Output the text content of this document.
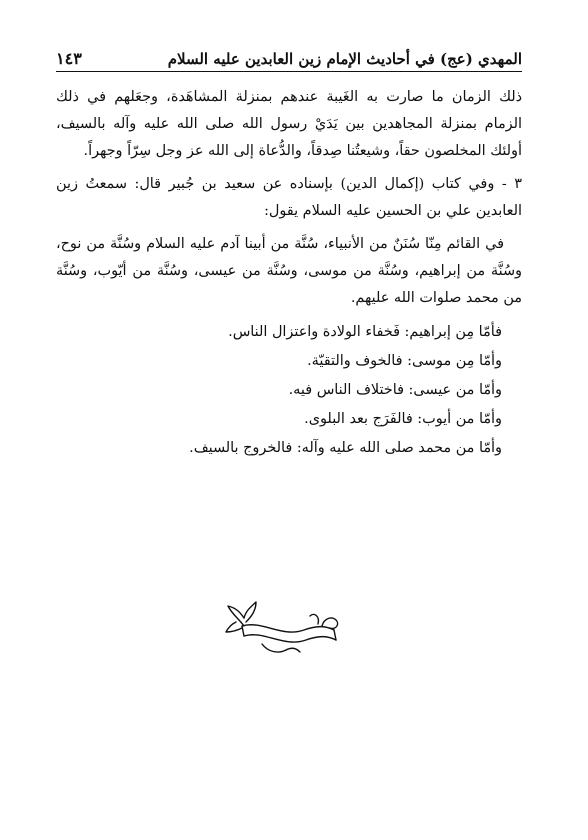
المهدي (عج) في أحاديث الإمام زين العابدين عليه السلام
١٤٣

ذلك الزمان ما صارت به الغَيبة عندهم بمنزلة المشاهَدة، وجعَلهم في ذلك الزمام بمنزلة المجاهدين بين يَدَيْ رسول الله صلى الله عليه وآله بالسيف، أولئك المخلصون حقاً، وشيعتُنا صِدقاً، والدُّعاة إلى الله عز وجل سِرّاً وجهراً.

٣ - وفي كتاب (إكمال الدين) بإسناده عن سعيد بن جُبير قال: سمعتُ زين العابدين علي بن الحسين عليه السلام يقول:

في القائم مِنّا سُنَنٌ من الأنبياء، سُنَّة من أبينا آدم عليه السلام وسُنَّة من نوح، وسُنَّة من إبراهيم، وسُنَّة من موسى، وسُنَّة من عيسى، وسُنَّة من أيّوب، وسُنَّة من محمد صلوات الله عليهم.

فأمّا مِن إبراهيم: فَخفاء الولادة واعتزال الناس.

وأمّا مِن موسى: فالخوف والتقيّة.

وأمّا من عيسى: فاختلاف الناس فيه.

وأمّا من أيوب: فالفَرَج بعد البلوى.

وأمّا من محمد صلى الله عليه وآله: فالخروج بالسيف.
